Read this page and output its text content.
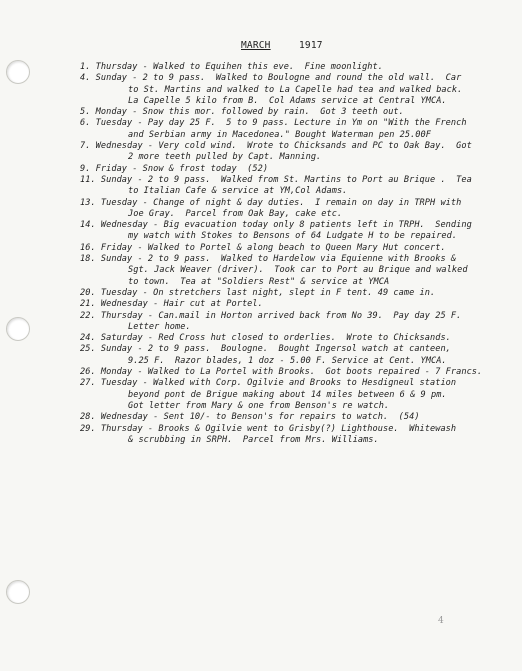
MARCH	1917
1. Thursday - Walked to Equihen this eve.  Fine moonlight.
4. Sunday - 2 to 9 pass.  Walked to Boulogne and round the old wall.  Car
to St. Martins and walked to La Capelle had tea and walked back.
La Capelle 5 kilo from B.  Col Adams service at Central YMCA.
5. Monday - Snow this mor. followed by rain.  Got 3 teeth out.
6. Tuesday - Pay day 25 F.  5 to 9 pass. Lecture in Ym on "With the French
and Serbian army in Macedonea." Bought Waterman pen 25.00F
7. Wednesday - Very cold wind.  Wrote to Chicksands and PC to Oak Bay.  Got
2 more teeth pulled by Capt. Manning.
9. Friday - Snow & frost today  (52)
11. Sunday - 2 to 9 pass.  Walked from St. Martins to Port au Brique .  Tea
to Italian Cafe & service at YM,Col Adams.
13. Tuesday - Change of night & day duties.  I remain on day in TRPH with
Joe Gray.  Parcel from Oak Bay, cake etc.
14. Wednesday - Big evacuation today only 8 patients left in TRPH.  Sending
my watch with Stokes to Bensons of 64 Ludgate H to be repaired.
16. Friday - Walked to Portel & along beach to Queen Mary Hut concert.
18. Sunday - 2 to 9 pass.  Walked to Hardelow via Equienne with Brooks &
Sgt. Jack Weaver (driver).  Took car to Port au Brique and walked
to town.  Tea at "Soldiers Rest" & service at YMCA
20. Tuesday - On stretchers last night, slept in F tent. 49 came in.
21. Wednesday - Hair cut at Portel.
22. Thursday - Can.mail in Horton arrived back from No 39.  Pay day 25 F.
Letter home.
24. Saturday - Red Cross hut closed to orderlies.  Wrote to Chicksands.
25. Sunday - 2 to 9 pass.  Boulogne.  Bought Ingersol watch at canteen,
9.25 F.  Razor blades, 1 doz - 5.00 F. Service at Cent. YMCA.
26. Monday - Walked to La Portel with Brooks.  Got boots repaired - 7 Francs.
27. Tuesday - Walked with Corp. Ogilvie and Brooks to Hesdigneul station
beyond pont de Brigue making about 14 miles between 6 & 9 pm.
Got letter from Mary & one from Benson's re watch.
28. Wednesday - Sent 10/- to Benson's for repairs to watch.  (54)
29. Thursday - Brooks & Ogilvie went to Grisby(?) Lighthouse.  Whitewash
& scrubbing in SRPH.  Parcel from Mrs. Williams.
4
